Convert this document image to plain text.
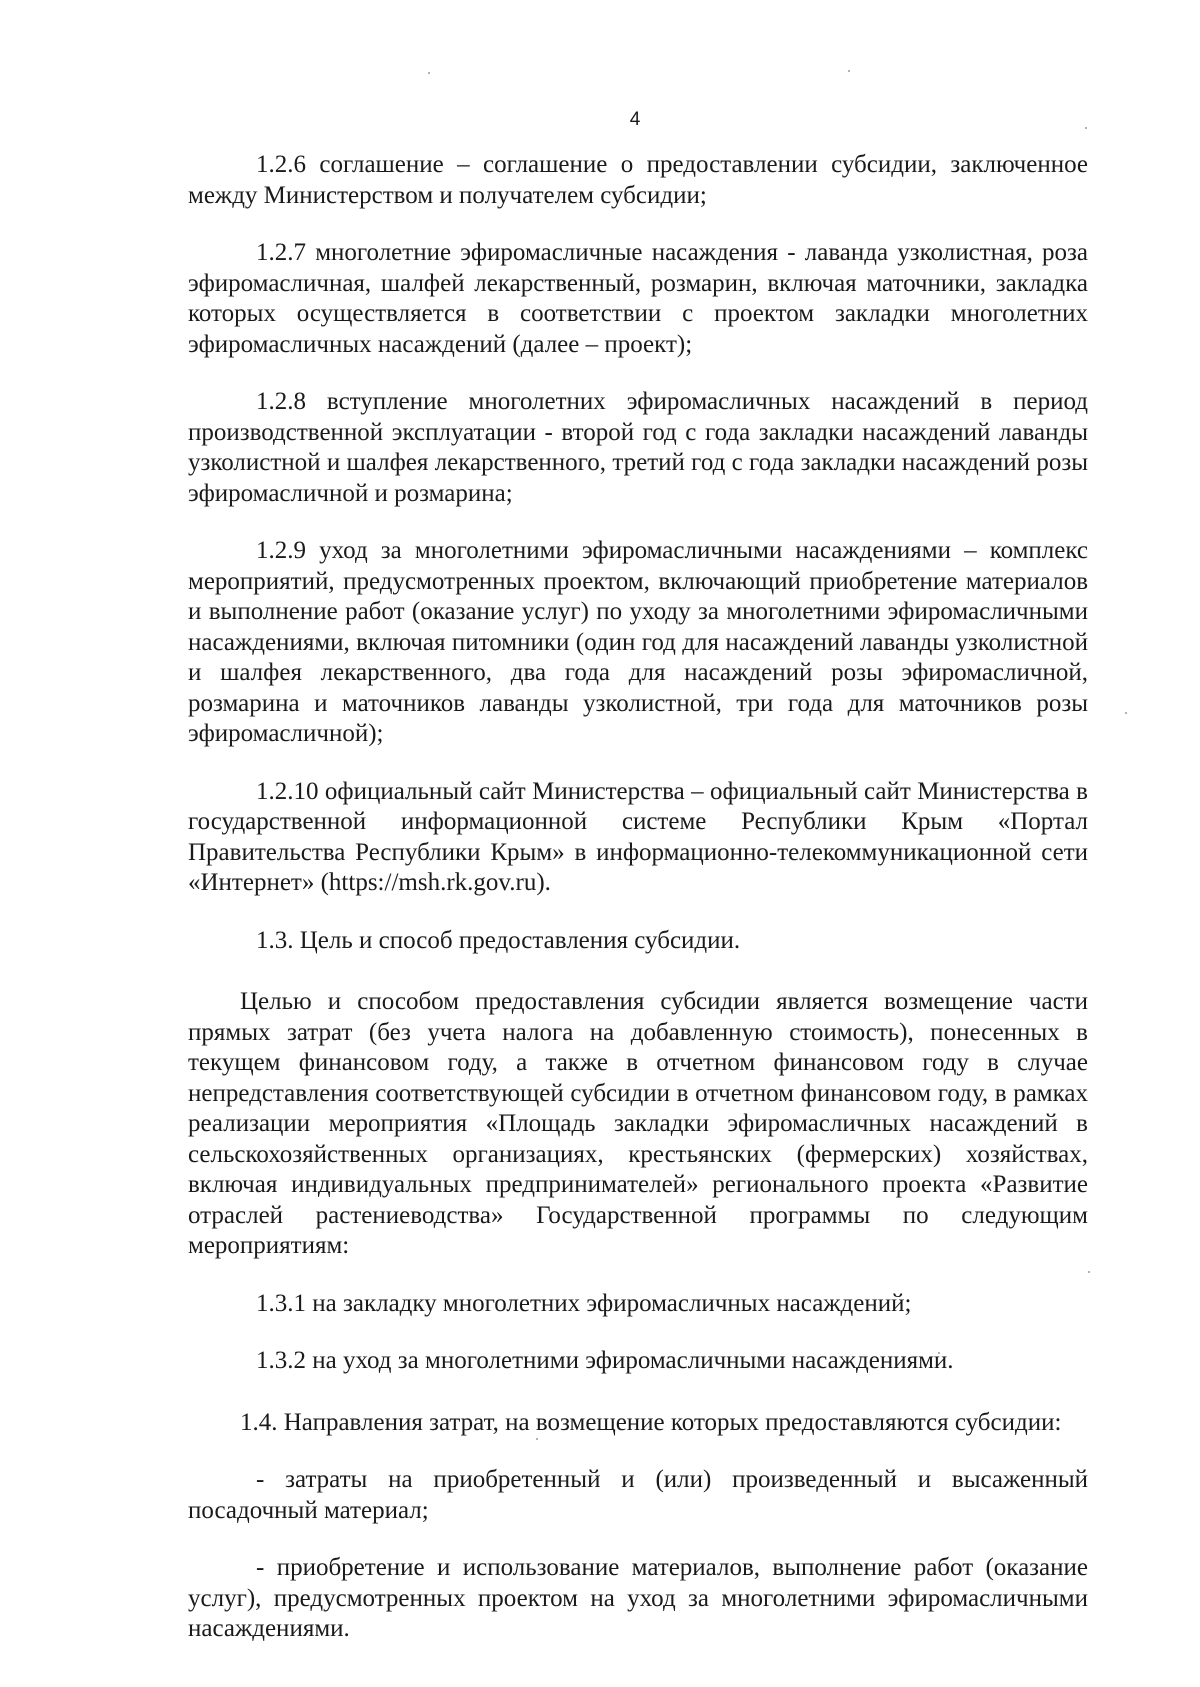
4

1.2.6 соглашение – соглашение о предоставлении субсидии, заключенное между Министерством и получателем субсидии;

1.2.7 многолетние эфиромасличные насаждения - лаванда узколистная, роза эфиромасличная, шалфей лекарственный, розмарин, включая маточники, закладка которых осуществляется в соответствии с проектом закладки многолетних эфиромасличных насаждений (далее – проект);

1.2.8 вступление многолетних эфиромасличных насаждений в период производственной эксплуатации - второй год с года закладки насаждений лаванды узколистной и шалфея лекарственного, третий год с года закладки насаждений розы эфиромасличной и розмарина;

1.2.9 уход за многолетними эфиромасличными насаждениями – комплекс мероприятий, предусмотренных проектом, включающий приобретение материалов и выполнение работ (оказание услуг) по уходу за многолетними эфиромасличными насаждениями, включая питомники (один год для насаждений лаванды узколистной и шалфея лекарственного, два года для насаждений розы эфиромасличной, розмарина и маточников лаванды узколистной, три года для маточников розы эфиромасличной);

1.2.10 официальный сайт Министерства – официальный сайт Министерства в государственной информационной системе Республики Крым «Портал Правительства Республики Крым» в информационно-телекоммуникационной сети «Интернет» (https://msh.rk.gov.ru).

1.3. Цель и способ предоставления субсидии.

Целью и способом предоставления субсидии является возмещение части прямых затрат (без учета налога на добавленную стоимость), понесенных в текущем финансовом году, а также в отчетном финансовом году в случае непредставления соответствующей субсидии в отчетном финансовом году, в рамках реализации мероприятия «Площадь закладки эфиромасличных насаждений в сельскохозяйственных организациях, крестьянских (фермерских) хозяйствах, включая индивидуальных предпринимателей» регионального проекта «Развитие отраслей растениеводства» Государственной программы по следующим мероприятиям:

1.3.1 на закладку многолетних эфиромасличных насаждений;

1.3.2 на уход за многолетними эфиромасличными насаждениями.

1.4. Направления затрат, на возмещение которых предоставляются субсидии:

- затраты на приобретенный и (или) произведенный и высаженный посадочный материал;

- приобретение и использование материалов, выполнение работ (оказание услуг), предусмотренных проектом на уход за многолетними эфиромасличными насаждениями.
